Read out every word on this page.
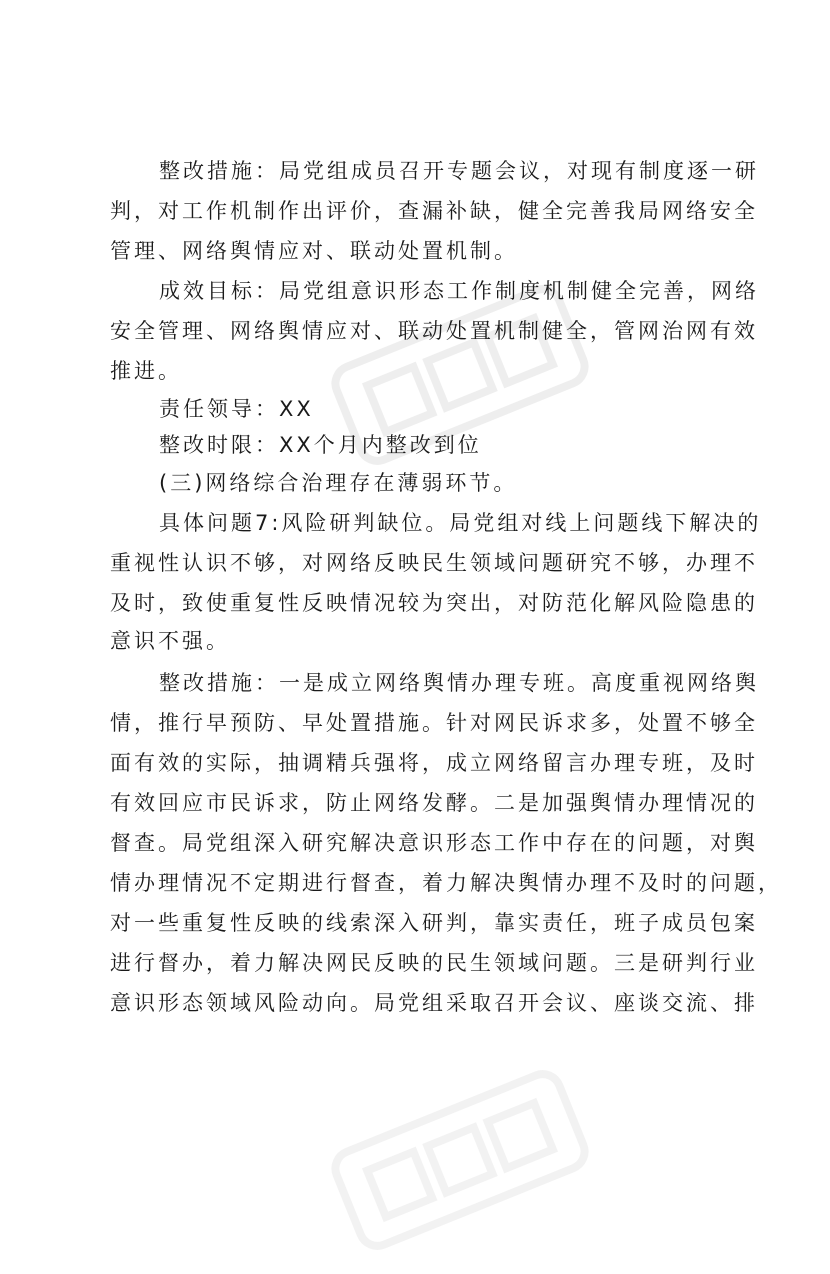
整改措施：局党组成员召开专题会议，对现有制度逐一研
判，对工作机制作出评价，查漏补缺，健全完善我局网络安全
管理、网络舆情应对、联动处置机制。
成效目标：局党组意识形态工作制度机制健全完善，网络
安全管理、网络舆情应对、联动处置机制健全，管网治网有效
推进。
责任领导：XX
整改时限：XX个月内整改到位
(三)网络综合治理存在薄弱环节。
具体问题7:风险研判缺位。局党组对线上问题线下解决的
重视性认识不够，对网络反映民生领域问题研究不够，办理不
及时，致使重复性反映情况较为突出，对防范化解风险隐患的
意识不强。
整改措施：一是成立网络舆情办理专班。高度重视网络舆
情，推行早预防、早处置措施。针对网民诉求多，处置不够全
面有效的实际，抽调精兵强将，成立网络留言办理专班，及时
有效回应市民诉求，防止网络发酵。二是加强舆情办理情况的
督查。局党组深入研究解决意识形态工作中存在的问题，对舆
情办理情况不定期进行督查，着力解决舆情办理不及时的问题，
对一些重复性反映的线索深入研判，靠实责任，班子成员包案
进行督办，着力解决网民反映的民生领域问题。三是研判行业
意识形态领域风险动向。局党组采取召开会议、座谈交流、排
